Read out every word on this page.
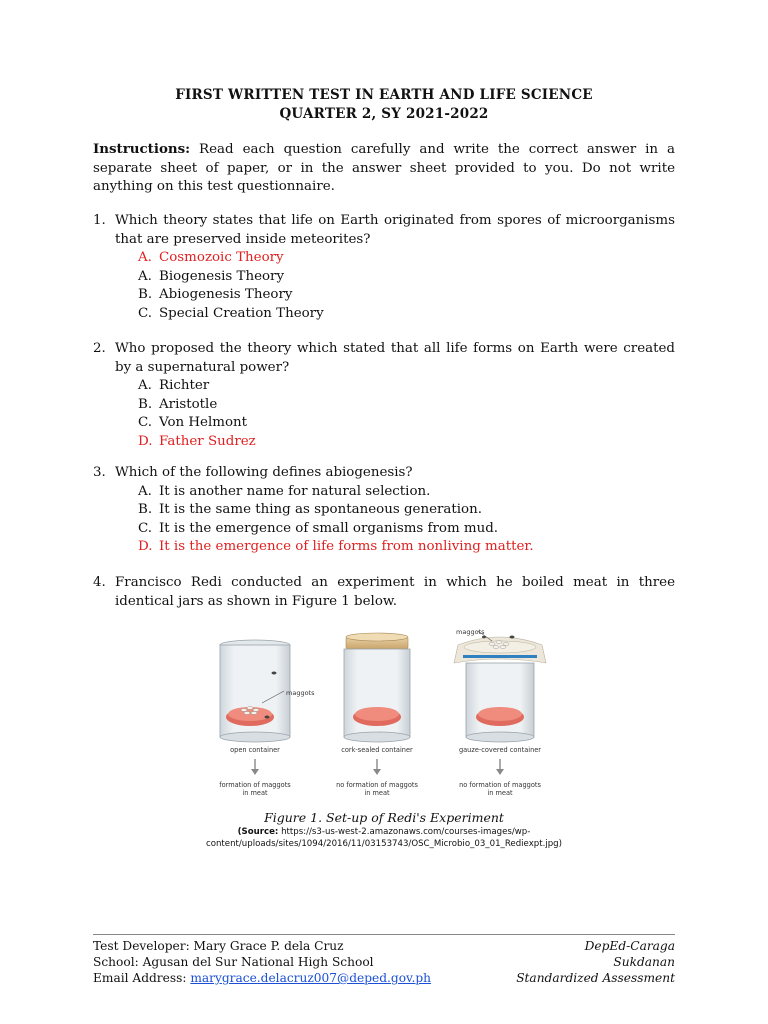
FIRST WRITTEN TEST IN EARTH AND LIFE SCIENCE
QUARTER 2, SY 2021-2022
Instructions: Read each question carefully and write the correct answer in a separate sheet of paper, or in the answer sheet provided to you. Do not write anything on this test questionnaire.
1. Which theory states that life on Earth originated from spores of microorganisms that are preserved inside meteorites?
A. Cosmozoic Theory
A. Biogenesis Theory
B. Abiogenesis Theory
C. Special Creation Theory
2. Who proposed the theory which stated that all life forms on Earth were created by a supernatural power?
A. Richter
B. Aristotle
C. Von Helmont
D. Father Sudrez
3. Which of the following defines abiogenesis?
A. It is another name for natural selection.
B. It is the same thing as spontaneous generation.
C. It is the emergence of small organisms from mud.
D. It is the emergence of life forms from nonliving matter.
4. Francisco Redi conducted an experiment in which he boiled meat in three identical jars as shown in Figure 1 below.
maggots
maggots
open container	cork-sealed container	gauze-covered container
formation of maggots
in meat
no formation of maggots
in meat
no formation of maggots
in meat
Figure 1. Set-up of Redi's Experiment
(Source: https://s3-us-west-2.amazonaws.com/courses-images/wp-
content/uploads/sites/1094/2016/11/03153743/OSC_Microbio_03_01_Rediexpt.jpg)
Test Developer: Mary Grace P. dela Cruz
School: Agusan del Sur National High School
Email Address: marygrace.delacruz007@deped.gov.ph
DepEd-Caraga
Sukdanan
Standardized Assessment
